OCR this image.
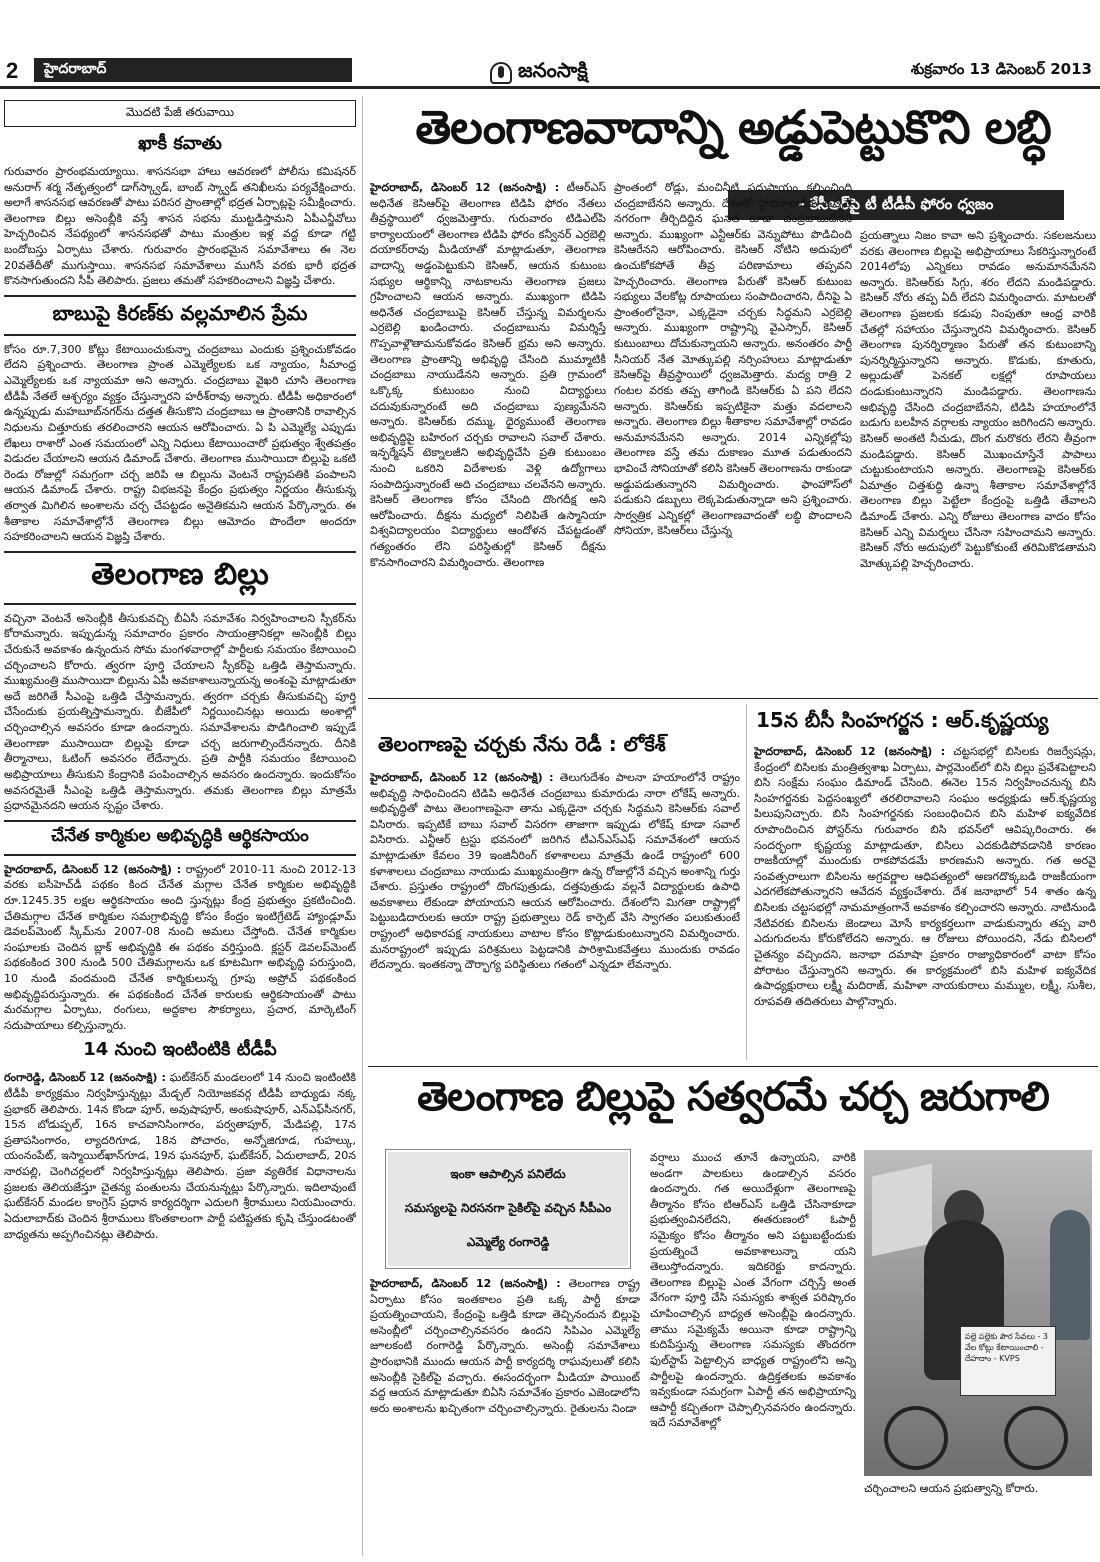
2	హైదరాబాద్	జనంసాక్షి	శుక్రవారం 13 డిసెంబర్ 2013
మొదటి పేజీ తరువాయి
ఖాకీ కవాతు
గురువారం ప్రారంభమయ్యాయి. శాసనసభా హాలు ఆవరణలో పోలీసు కమిషనర్ అనురాగ్ శర్మ నేతృత్వంలో డాగ్‌స్క్వాడ్, బాంబ్ స్క్వాడ్ తనిఖీలను పర్యవేక్షించారు. అలాగే శాసనసభ ఆవరణతో పాటు పరిసర ప్రాంతాల్లో భద్రత ఏర్పాట్లపై సమీక్షించారు. తెలంగాణ బిల్లు అసెంబ్లీకి వస్తే శాసన సభను ముట్టడిస్తామని ఏపీఎన్జీవోలు హెచ్చరించిన నేపథ్యంలో శాసనసభతో పాటు మంత్రుల ఇళ్ల వద్ద కూడా గట్టి బందోబస్తు ఏర్పాటు చేశారు. గురువారం ప్రారంభమైన సమావేశాలు ఈ నెల 20వతేదీతో ముగుస్తాయి. శాసనసభ సమావేశాలు ముగిసే వరకు భారీ భద్రత కొనసాగుతుందని సీపీ తెలిపారు. ప్రజలు తమతో సహకరించాలని విజ్ఞప్తి చేశారు.
బాబుపై కిరణ్‌కు వల్లమాలిన ప్రేమ
కోసం రూ.7,300 కోట్లు కేటాయించుకున్నా చంద్రబాబు ఎందుకు ప్రశ్నించుకోవడం లేదని ప్రశ్నించారు. తెలంగాణ ప్రాంత ఎమ్మెల్యేలకు ఒక న్యాయం, సీమాంధ్ర ఎమ్మెల్యేలకు ఒక న్యాయమా అని అన్నారు. చంద్రబాబు వైఖరి చూసి తెలంగాణ టీడీపీ నేతలే ఆశ్చర్యం వ్యక్తం చేస్తున్నారని హరీశ్‌రావు అన్నారు. టీడీపీ అధికారంలో ఉన్నప్పుడు మహబూబ్‌నగర్‌ను దత్తత తీసుకొని చంద్రబాబు ఆ ప్రాంతానికి రావాల్సిన నిధులను చిత్తూరుకు తరలించారని ఆయన ఆరోపించారు. ఏ పి ఎమ్మెల్యే ఎప్పుడు లేఖలు రాశారో ఎంత సమయంలో ఎన్ని నిధులు కేటాయించారో ప్రభుత్వం శ్వేతపత్రం విడుదల చేయాలని ఆయన డిమాండ్ చేశారు. తెలంగాణ ముసాయిదా బిల్లుపై ఒకటి రెండు రోజుల్లో సమగ్రంగా చర్చ జరిపి ఆ బిల్లును వెంటనే రాష్ట్రపతికి పంపాలని ఆయన డిమాండ్ చేశారు. రాష్ట్ర విభజనపై కేంద్రం ప్రభుత్వం నిర్ణయం తీసుకున్న తర్వాత మిగిలిన అంశాలను చర్చ చేపట్టడం అనైతికమని ఆయన పేర్కొన్నారు. ఈ శీతాకాల సమావేశాల్లోనే తెలంగాణ బిల్లు ఆమోదం పొందేలా అందరూ సహకరించాలని ఆయన విజ్ఞప్తి చేశారు.
తెలంగాణ బిల్లు
వచ్చినా వెంటనే అసెంబ్లీకి తీసుకువచ్చి బీఏసీ సమావేశం నిర్వహించాలని స్పీకర్‌ను కోరామన్నారు. ఇప్పుడున్న సమాచారం ప్రకారం సాయంత్రానికల్లా అసెంబ్లీకి బిల్లు చేరుకునే అవకాశం ఉన్నందున సోమ మంగళవారాల్లో పార్టీలకు సమయం కేటాయించి చర్చించాలని కోరారు. త్వరగా పూర్తి చేయాలని స్పీకర్‌పై ఒత్తిడి తెస్తామన్నారు. ముఖ్యమంత్రి ముసాయిదా బిల్లును ఏపీ అవకాశాలున్నాయన్న అంశంపై మాట్లాడుతూ అదే జరిగితే సీఎంపై ఒత్తిడి చేస్తామన్నారు. త్వరగా చర్చకు తీసుకువచ్చి పూర్తి చేసేందుకు ప్రయత్నిస్తామన్నారు. బీజేపీలో నిర్ణయించినట్లు అయిదు అంశాల్లో చర్చించాల్సిన అవసరం కూడా ఉందన్నారు. సమావేశాలను పొడిగించాలి ఇప్పుడే తెలంగాణా ముసాయిదా బిల్లుపై కూడా చర్చ జరుగాల్సిందేనన్నారు. దీనికి తీర్మానాలు, ఓటింగ్ అవసరం లేదేన్నారు. ప్రతి పార్టీకి సమయం కేటాయించి అభిప్రాయాలు తీసుకుని కేంద్రానికి పంపించాల్సిన అవసరం ఉందన్నారు. ఇందుకోసం అవసరమైతే సీఎంపై ఒత్తిడి తెస్తామన్నారు. తమకు తెలంగాణ బిల్లు మాత్రమే ప్రధానమైనదని ఆయన స్పష్టం చేశారు.
చేనేత కార్మికుల అభివృద్ధికి ఆర్థికసాయం
హైదరాబాద్, డిసెంబర్ 12 (జనంసాక్షి) : రాష్ట్రంలో 2010-11 నుంచి 2012-13 వరకు ఐసీహెచ్‌డీ పథకం కింద చేనేత మగ్గాల చేనేత కార్మికుల అభివృద్ధికి రూ.1245.35 లక్షల ఆర్థికసాయం అంది స్తున్నట్లు కేంద్ర ప్రభుత్వం ప్రకటించింది. చేతిమగ్గాల చేనేత కార్మికుల సమగ్రాభివృద్ధి కోసం కేంద్రం ఇంటిగ్రేటెడ్ హ్యాండ్లూమ్ డెవలప్‌మెంట్ స్కీమ్‌ను 2007-08 నుంచి అమలు చేస్తోంది. చేనేత కార్మికుల సంఘాలకు చెందిన బ్లాక్ అభివృద్ధికి ఈ పథకం వర్తిస్తుంది. క్లస్టర్ డెవలప్‌మెంట్ పథకంకింద 300 నుండి 500 చేతిమగ్గాలను ఒక కూటమిగా అభివృద్ధి పరుస్తుంది, 10 నుండి వందమంది చేనేత కార్మికులున్న గ్రూపు అప్రోచ్ పథకంకింద అభివృద్ధిపరుస్తున్నారు. ఈ పథకంకింద చేనేత కారులకు ఆర్థికసాయంతో పాటు మరమగ్గాల ఏర్పాటు, రంగులు, అద్దకాల సౌకర్యాలు, ప్రచార, మార్కెటింగ్ సదుపాయాలు కల్పిస్తున్నారు.
14 నుంచి ఇంటింటికి టీడీపీ
రంగారెడ్డి, డిసెంబర్ 12 (జనంసాక్షి) : ఘట్‌కేసర్ మండలంలో 14 నుంచి ఇంటింటికి టీడీపీ కార్యక్రమం నిర్వహిస్తున్నట్లు మేడ్చల్ నియోజకవర్గ టీడీపీ బాధ్యుడు నక్క ప్రభాకర్ తెలిపారు. 14న కొండా పూర్, అవుషాపూర్, అంకుషాపూర్, ఎన్ఎఫ్‌సీనగర్, 15న బోడుప్పల్, 16న కాచవానిసింగారం, పర్వతాపూర్, మేడిపల్లి, 17న ప్రతాపసింగారం, ల్యాదరిగూడ, 18న పోచారం, అన్నోజిగూడ, గుహల్కు, యంనంపేట్, ఇస్మాయిల్‌ఖాన్‌గూడ, 19న ఘనపూర్, ఘట్‌కేసర్, ఏదులాబాద్, 20న నారపల్లి, చెంగిచర్లలలో నిర్వహిస్తున్నట్లు తెలిపారు. ప్రజా వ్యతిరేక విధానాలను ప్రజలకు తెలియజేస్తూ చైతన్య పంతులను చేయనున్నట్లు పేర్కొన్నారు. ఇదిలావుంటే ఘట్‌కేసర్ మండల కాంగ్రెస్ ప్రధాన కార్యదర్శిగా ఎదులగి శ్రీరాములు నియమించారు. ఏదులాబాద్‌కు చెందిన శ్రీరాములు కొంతకాలంగా పార్టీ పటిష్టతకు కృషి చేస్తుండటంతో బాధ్యతను అప్పగించినట్లు తెలిపారు.
తెలంగాణవాదాన్ని అడ్డుపెట్టుకొని లబ్ధి
- కేసీఆర్‌పై టీ టీడీపీ ఫోరం ధ్వజం
హైదరాబాద్, డిసెంబర్ 12 (జనంసాక్షి) : టీఆర్ఎస్ అధినేత కెసిఆర్‌పై తెలంగాణ టిడిపి ఫోరం నేతలు తీవ్రస్థాయిలో ధ్వజమెత్తారు. గురువారం టిడిఎల్‌పి కార్యాలయంలో తెలంగాణ టిడిపి ఫోరం కన్వీనర్ ఎర్రబెల్లి దయాకర్‌రావు మీడియాతో మాట్లాడుతూ, తెలంగాణ వాదాన్ని అడ్డంపెట్టుకుని కెసిఆర్, ఆయన కుటుంబ సభ్యుల ఆర్థికాన్ని నాటకాలను తెలంగాణ ప్రజలు గ్రహించాలని ఆయన అన్నారు. ముఖ్యంగా టిడిపి అధినేత చంద్రబాబుపై కెసిఆర్ చేస్తున్న విమర్శలను ఎర్రబెల్లి ఖండించారు. చంద్రబాబును విమర్శిస్తే గొప్పవాళ్లౌతామనుకోవడం కెసిఆర్ భ్రమ అని అన్నారు. తెలంగాణ ప్రాంతాన్ని అభివృద్ధి చేసింది ముమ్మాటికీ చంద్రబాబు నాయుడేనని అన్నారు. ప్రతి గ్రామంలో ఒక్కొక్క కుటుంబం నుంచి విద్యార్థులు చదువుకున్నారంటే అది చంద్రబాబు పుణ్యమేనని అన్నారు. కెసిఆర్‌కు దమ్ము, ధైర్యముంటే తెలంగాణ అభివృద్ధిపై బహిరంగ చర్చకు రావాలని సవాల్ చేశారు. ఇన్ఫర్మేషన్ టెక్నాలజీని అభివృద్ధిచేసి ప్రతి కుటుంబం నుంచి ఒకరిని విదేశాలకు వెళ్లి ఉద్యోగాలు సంపాదిస్తున్నారంటే అది చంద్రబాబు చలవేనని అన్నారు. కెసిఆర్ తెలంగాణ కోసం చేసింది దొంగదీక్ష అని ఆరోపించారు. దీక్షను మధ్యలో నిలిపితే ఉస్మానియా విశ్వవిద్యాలయం విద్యార్థులు ఆందోళన చేపట్టడంతో గత్యంతరం లేని పరిస్థితుల్లో కెసిఆర్ దీక్షను కొనసాగించారని విమర్శించారు. తెలంగాణ
ప్రాంతంలో రోడ్లు, మంచినీటి సదుపాయం కల్పించింది చంద్రబాబేనని అన్నారు. దేశంలో హైదరాబాద్‌కు ఉన్నత నగరంగా తీర్చిదిద్దిన ఘనత కూడా చంద్రబాబుదేనని అన్నారు. ముఖ్యంగా ఎన్టీఆర్‌కు వెన్నుపోటు పొడిచింది కెసిఆరేనని ఆరోపించారు. కెసిఆర్ నోటిని అదుపులో ఉంచుకోకపోతే తీవ్ర పరిణామాలు తప్పవని హెచ్చరించారు. తెలంగాణ పేరుతో కెసిఆర్ కుటుంబ సభ్యులు వేలకోట్ల రూపాయలు సంపాదించారని, దీనిపై ఏ ప్రాంతంలోనైనా, ఎక్కడైనా చర్చకు సిద్ధమని ఎర్రబెల్లి అన్నారు. ముఖ్యంగా రాష్ట్రాన్ని వైఎస్సార్, కెసిఆర్ కుటుంబాలు దోచుకున్నాయని అన్నారు. అనంతరం పార్టీ సీనియర్ నేత మోత్కుపల్లి నర్సింహులు మాట్లాడుతూ కెసిఆర్‌పై తీవ్రస్థాయిలో ధ్వజమెత్తారు. మద్య రాత్రి 2 గంటల వరకు తప్ప తాగిండి కెసిఆర్‌కు ఏ పని లేదని అన్నారు. కెసిఆర్‌కు ఇప్పటికైనా మత్తు వదలాలని అన్నారు. తెలంగాణ బిల్లు శీతాకాల సమావేశాల్లో రావడం అనుమానమేనని అన్నారు. 2014 ఎన్నికల్లోపు తెలంగాణ వస్తే తమ దుకాణం మూత పడుతుందని భావించే సోనియాతో కలిసి కెసిఆర్ తెలంగాణను రాకుండా అడ్డుపడుతున్నారని విమర్శించారు. ఫాంహౌస్‌లో పడుకుని డబ్బులు లెక్కపెడుతున్నాడా అని ప్రశ్నించారు. సార్వత్రిక ఎన్నికల్లో తెలంగాణవాదంతో లబ్ధి పొందాలని సోనియా, కెసిఆర్‌లు చేస్తున్న
ప్రయత్నాలు నిజం కావా అని ప్రశ్నించారు. సకలజనులు వరకు తెలంగాణ బిల్లుపై అభిప్రాయాలు సేకరిస్తున్నారంటే 2014లోపు ఎన్నికలు రావడం అనుమానమేనని అన్నారు. కెసిఆర్‌కు సిగ్గు, శరం లేదని మండిపడ్డారు. కెసిఆర్ నోరు తప్ప ఏదీ లేదని విమర్శించారు. మాటలతో తెలంగాణ ప్రజలకు కడుపు నింపుతూ ఆంధ్ర వారికి చేతల్లో సహాయం చేస్తున్నారని విమర్శించారు. కెసిఆర్ తెలంగాణ పునర్నిర్మాణం పేరుతో తన కుటుంబాన్ని పునర్నిర్మిస్తున్నారని అన్నారు. కొడుకు, కూతురు, అల్లుడుతో పెనకల్ లక్షల్లో రూపాయలు దండుకుంటున్నారని మండిపడ్డారు. తెలంగాణను అభివృద్ధి చేసింది చంద్రబాబేనని, టిడిపి హయాంలోనే బడుగు బలహీన వర్గాలకు న్యాయం జరిగిందని అన్నారు. కెసిఆర్ అంతటి నీచుడు, దొంగ మరొకరు లేరని తీవ్రంగా మండిపడ్డారు. కెసిఆర్ మొఖంచూస్తేనే పాపాలు చుట్టుకుంటాయని అన్నారు. తెలంగాణపై కెసిఆర్‌కు ఏమాత్రం చిత్తశుద్ధి ఉన్నా శీతాకాల సమావేశాల్లోనే తెలంగాణ బిల్లు పెట్టేలా కేంద్రంపై ఒత్తిడి తేవాలని డిమాండ్ చేశారు. ఎన్ని రోజులు తెలంగాణ వాదం కోసం కెసిఆర్ ఎన్ని విమర్శలు చేసినా సహించామని అన్నారు. కెసిఆర్ నోరు అదుపులో పెట్టుకోకుంటే తరిమికొడతామని మోత్కుపల్లి హెచ్చరించారు.
తెలంగాణపై చర్చకు నేను రెడీ : లోకేశ్
హైదరాబాద్, డిసెంబర్ 12 (జనంసాక్షి) : తెలుగుదేశం పాలనా హయాంలోనే రాష్ట్రం అభివృద్ధి సాధించిందని టిడిపి అధినేత చంద్రబాబు కుమారుడు నారా లోకేష్ అన్నారు. అభివృద్ధితో పాటు తెలంగాణపైనా తాను ఎక్కడైనా చర్చకు సిద్ధమని కెసిఆర్‌కు సవాల్ విసిరారు. ఇప్పటికే బాబు సవాల్ విసరగా తాజాగా ఇప్పుడు లోకేష్ కూడా సవాల్ విసిరారు. ఎన్టీఆర్ ట్రస్టు భవనంలో జరిగిన టీఎన్ఎస్ఎఫ్ సమావేశంలో ఆయన మాట్లాడుతూ కేవలం 39 ఇంజినీరింగ్ కళాశాలలు మాత్రమే ఉండే రాష్ట్రంలో 600 కళాశాలలు చంద్రబాబు నాయుడు ముఖ్యమంత్రిగా ఉన్న రోజుల్లోనే వచ్చిన అంశాన్ని గుర్తు చేశారు. ప్రస్తుతం రాష్ట్రంలో దొంగపుత్రుడు, దత్తపుత్రుడు వల్లనే విద్యార్థులకు ఉపాధి అవకాశాలు లేకుండా పోయాయని ఆయన ఆరోపించారు. దేశంలోని మిగతా రాష్ట్రాల్లో పెట్టుబడిదారులకు ఆయా రాష్ట్ర ప్రభుత్వాలు రెడ్ కార్పెట్ వేసి స్వాగతం పలుకుతుంటే రాష్ట్రంలో అధికారపక్ష నాయకులు వాటాల కోసం కొట్లాడుకుంటున్నారని విమర్శించారు. మనరాష్ట్రంలో ఇప్పుడు పరిశ్రమలు పెట్టడానికి పారిశ్రామికవేత్తలు ముందుకు రావడం లేదన్నారు. ఇంతకన్నా దౌర్భాగ్య పరిస్థితులు గతంలో ఎన్నడూ లేవన్నారు.
15న బీసీ సింహగర్జన : ఆర్.కృష్ణయ్య
హైదరాబాద్, డిసెంబర్ 12 (జనంసాక్షి) : చట్టసభల్లో బిసిలకు రిజర్వేషన్లు, కేంద్రంలో బిసిలకు మంత్రిత్వశాఖ ఏర్పాటు, పార్లమెంట్‌లో బిసి బిల్లు ప్రవేశపెట్టాలని బిసి సంక్షేమ సంఘం డిమాండ్ చేసింది. ఈనెల 15న నిర్వహించనున్న బిసి సింహగర్జనకు పెద్దసంఖ్యలో తరలిరావాలని సంఘం అధ్యక్షుడు ఆర్.కృష్ణయ్య పిలుపునిచ్చారు. బిసి సింహగర్జనకు సంబంధించిన బిసి మహిళ ఐక్యవేదిక రూపొందించిన పోస్టర్‌ను గురువారం బిసి భవన్‌లో ఆవిష్కరించారు. ఈ సందర్భంగా కృష్ణయ్య మాట్లాడుతూ, బిసిలు ఎదకుడిపోవడానికి కారణం రాజకీయాల్లో ముందుకు రాకపోవడమే కారణమని అన్నారు. గత అరవై సంవత్సరాలుగా బిసిలను అగ్రవర్ణాల ఆధిపత్యంలో అణగదొక్కబడి రాజకీయంగా ఎదగలేకపోతున్నారని ఆవేదన వ్యక్తంచేశారు. దేశ జనాభాలో 54 శాతం ఉన్న బిసిలకు చట్టసభల్లో నామమాత్రంగానే అవకాశం కల్పించారని అన్నారు. నాటినుండి నేటివరకు బిసిలను జెండాలు మోసే కార్యకర్తలుగా వాడుకున్నారు తప్ప వారి ఎదుగుదలను కోరుకోలేదని అన్నారు. ఆ రోజులు పోయిందని, నేడు బిసిలలో చైతన్యం వచ్చిందని, జనాభా దమాషా ప్రకారం రాజ్యాధికారంలో వాటా కోసం పోరాటం చేస్తున్నారని అన్నారు. ఈ కార్యక్రమంలో బిసి మహిళ ఐక్యవేదిక ఉపాధ్యక్షురాలు లక్ష్మీ మదిరాజ్, మహిళా నాయకురాలు మమ్ముల, లక్ష్మీ, సుశీల, రూపవతి తదితరులు పాల్గొన్నారు.
తెలంగాణ బిల్లుపై సత్వరమే చర్చ జరుగాలి
ఇంకా ఆపాల్సిన పనిలేదు
సమస్యలపై నిరసనగా సైకిల్‌పై వచ్చిన సీపీఎం
ఎమ్మెల్యే రంగారెడ్డి
హైదరాబాద్, డిసెంబర్ 12 (జనంసాక్షి) : తెలంగాణ రాష్ట్ర ఏర్పాటు కోసం ఇంతకాలం ప్రతి ఒక్క పార్టీ కూడా ప్రయత్నించాయని, కేంద్రంపై ఒత్తిడి కూడా తెచ్చినందున బిల్లుపై అసెంబ్లీలో చర్చించాల్సినవసరం ఉందని సిపిఎం ఎమ్మెల్యే జూలకంటి రంగారెడ్డి పేర్కొన్నారు. అసెంబ్లీ సమావేశాలు ప్రారంభానికి ముందు ఆయన పార్టీ కార్యదర్శి రాఘవులుతో కలిసి అసెంబ్లీకి సైకిల్‌పై వచ్చారు. ఈసందర్భంగా మీడియా పాయింట్ వద్ద ఆయన మాట్లాడుతూ బిఏసి సమావేశం ప్రకారం ఎజెండాలోని అరు అంశాలను ఖచ్చితంగా చర్చించాల్సిన్నారు. రైతులను నిండా
వర్షాలు ముంచ తూనే ఉన్నాయని, వారికి అండగా పాలకులు ఉండాల్సిన వసరం ఉందన్నారు. గత అయిదేళ్లుగా తెలంగాణపై తీర్మానం కోసం టిఆర్ఎస్ ఒత్తిడి చేసినాకూడా ప్రభుత్వంవినలేదని, ఈతరుణంలో ఓపార్టీ సమైక్యం కోసం తీర్మానం అని పట్టుబట్టేందుకు ప్రయత్నించే అవకాశాలున్నా యని తెలుస్తోందన్నారు. ఇదికరెక్టు కాదన్నారు. తెలంగాణ బిల్లుపై ఎంత వేగంగా చర్చిస్తే అంత వేగంగా పూర్తి చేసి సమస్యకు శాశ్వత పరిష్కారం చూపించాల్సిన బాధ్యత అసెంబ్లీపై ఉందన్నారు. తాము సమైక్యమే అయినా కూడా రాష్ట్రాన్ని కుదిపేస్తున్న తెలంగాణ సమస్యకు తొందరగా ఫుల్‌స్టాప్ పెట్టాల్సిన బాధ్యత రాష్ట్రంలోని అన్ని పార్టీలపై ఉందన్నారు. ఉద్రిక్తతలకు అవకాశం ఇవ్వకుండా సమగ్రంగా ఏపార్టీ తన అభిప్రాయాన్ని ఆపార్టీ కచ్చితంగా చెప్పాల్సినవసరం ఉందన్నారు. ఇదే సమావేశాల్లో
పల్లె పల్లెకు పౌర సేవలు - 3 వేల కోట్లు కేటాయించాలి - దేహదాం - KVPS
చర్చించాలని ఆయన ప్రభుత్వాన్ని కోరారు.
